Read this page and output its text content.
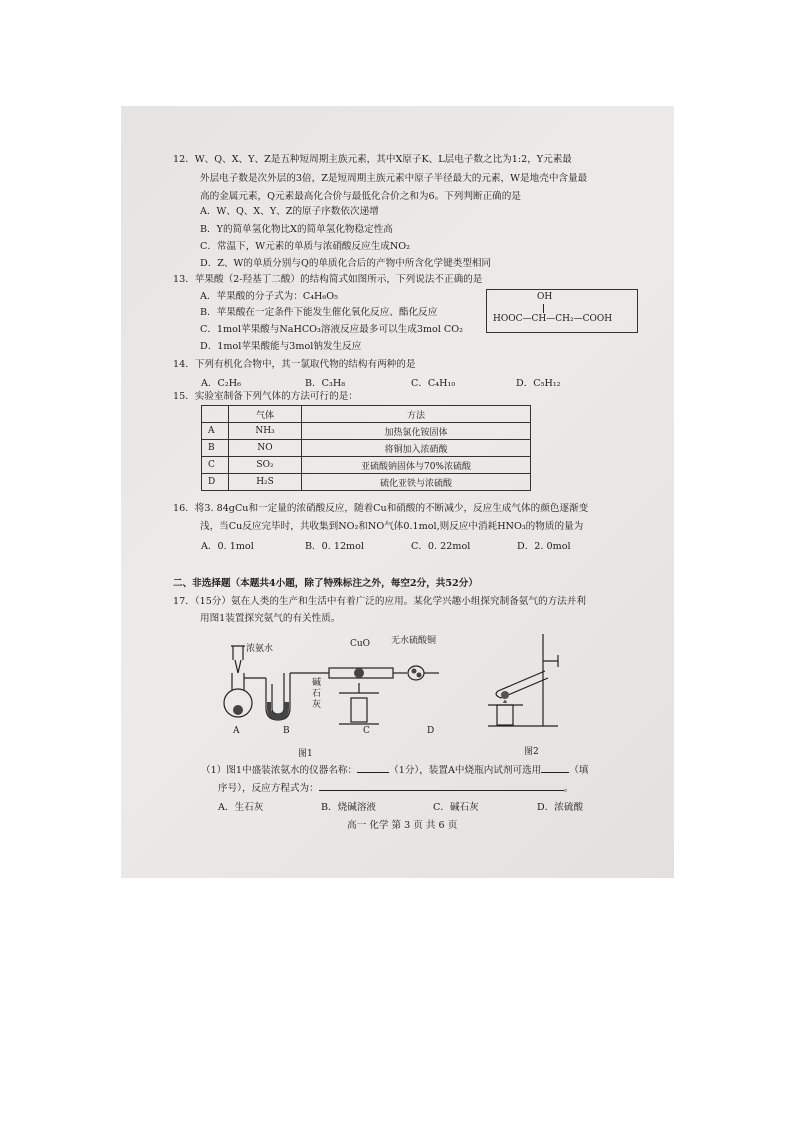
12．W、Q、X、Y、Z是五种短周期主族元素，其中X原子K、L层电子数之比为1:2，Y元素最
外层电子数是次外层的3倍，Z是短周期主族元素中原子半径最大的元素，W是地壳中含量最
高的金属元素，Q元素最高化合价与最低化合价之和为6。下列判断正确的是
A．W、Q、X、Y、Z的原子序数依次递增
B．Y的简单氢化物比X的简单氢化物稳定性高
C．常温下，W元素的单质与浓硝酸反应生成NO₂
D．Z、W的单质分别与Q的单质化合后的产物中所含化学键类型相同
13．苹果酸（2-羟基丁二酸）的结构简式如图所示，下列说法不正确的是
A．苹果酸的分子式为：C₄H₆O₅
B．苹果酸在一定条件下能发生催化氧化反应、酯化反应
C．1mol苹果酸与NaHCO₃溶液反应最多可以生成3mol CO₂
D．1mol苹果酸能与3mol钠发生反应
OH
HOOC—CH—CH₂—COOH
14．下列有机化合物中，其一氯取代物的结构有两种的是
A．C₂H₆	B．C₃H₈	C．C₄H₁₀	D．C₅H₁₂
15．实验室制备下列气体的方法可行的是：
	气体	方法
A	NH₃	加热氯化铵固体
B	NO	将铜加入浓硝酸
C	SO₂	亚硫酸钠固体与70%浓硫酸
D	H₂S	硫化亚铁与浓硫酸
16．将3. 84gCu和一定量的浓硝酸反应，随着Cu和硝酸的不断减少，反应生成气体的颜色逐渐变
浅，当Cu反应完毕时，共收集到NO₂和NO气体0.1mol,则反应中消耗HNO₃的物质的量为
A．0. 1mol	B．0. 12mol	C．0. 22mol	D．2. 0mol
二、非选择题（本题共4小题，除了特殊标注之外，每空2分，共52分）
17．（15分）氨在人类的生产和生活中有着广泛的应用。某化学兴趣小组探究制备氨气的方法并利
用图1装置探究氨气的有关性质。
浓氨水	CuO 无水硫酸铜
碱石灰
A	B	C	D
图1	图2
（1）图1中盛装浓氨水的仪器名称：	（1分），装置A中烧瓶内试剂可选用	（填
序号），反应方程式为：	。
A．生石灰	B．烧碱溶液	C．碱石灰	D．浓硫酸
高一 化学 第 3 页 共 6 页
